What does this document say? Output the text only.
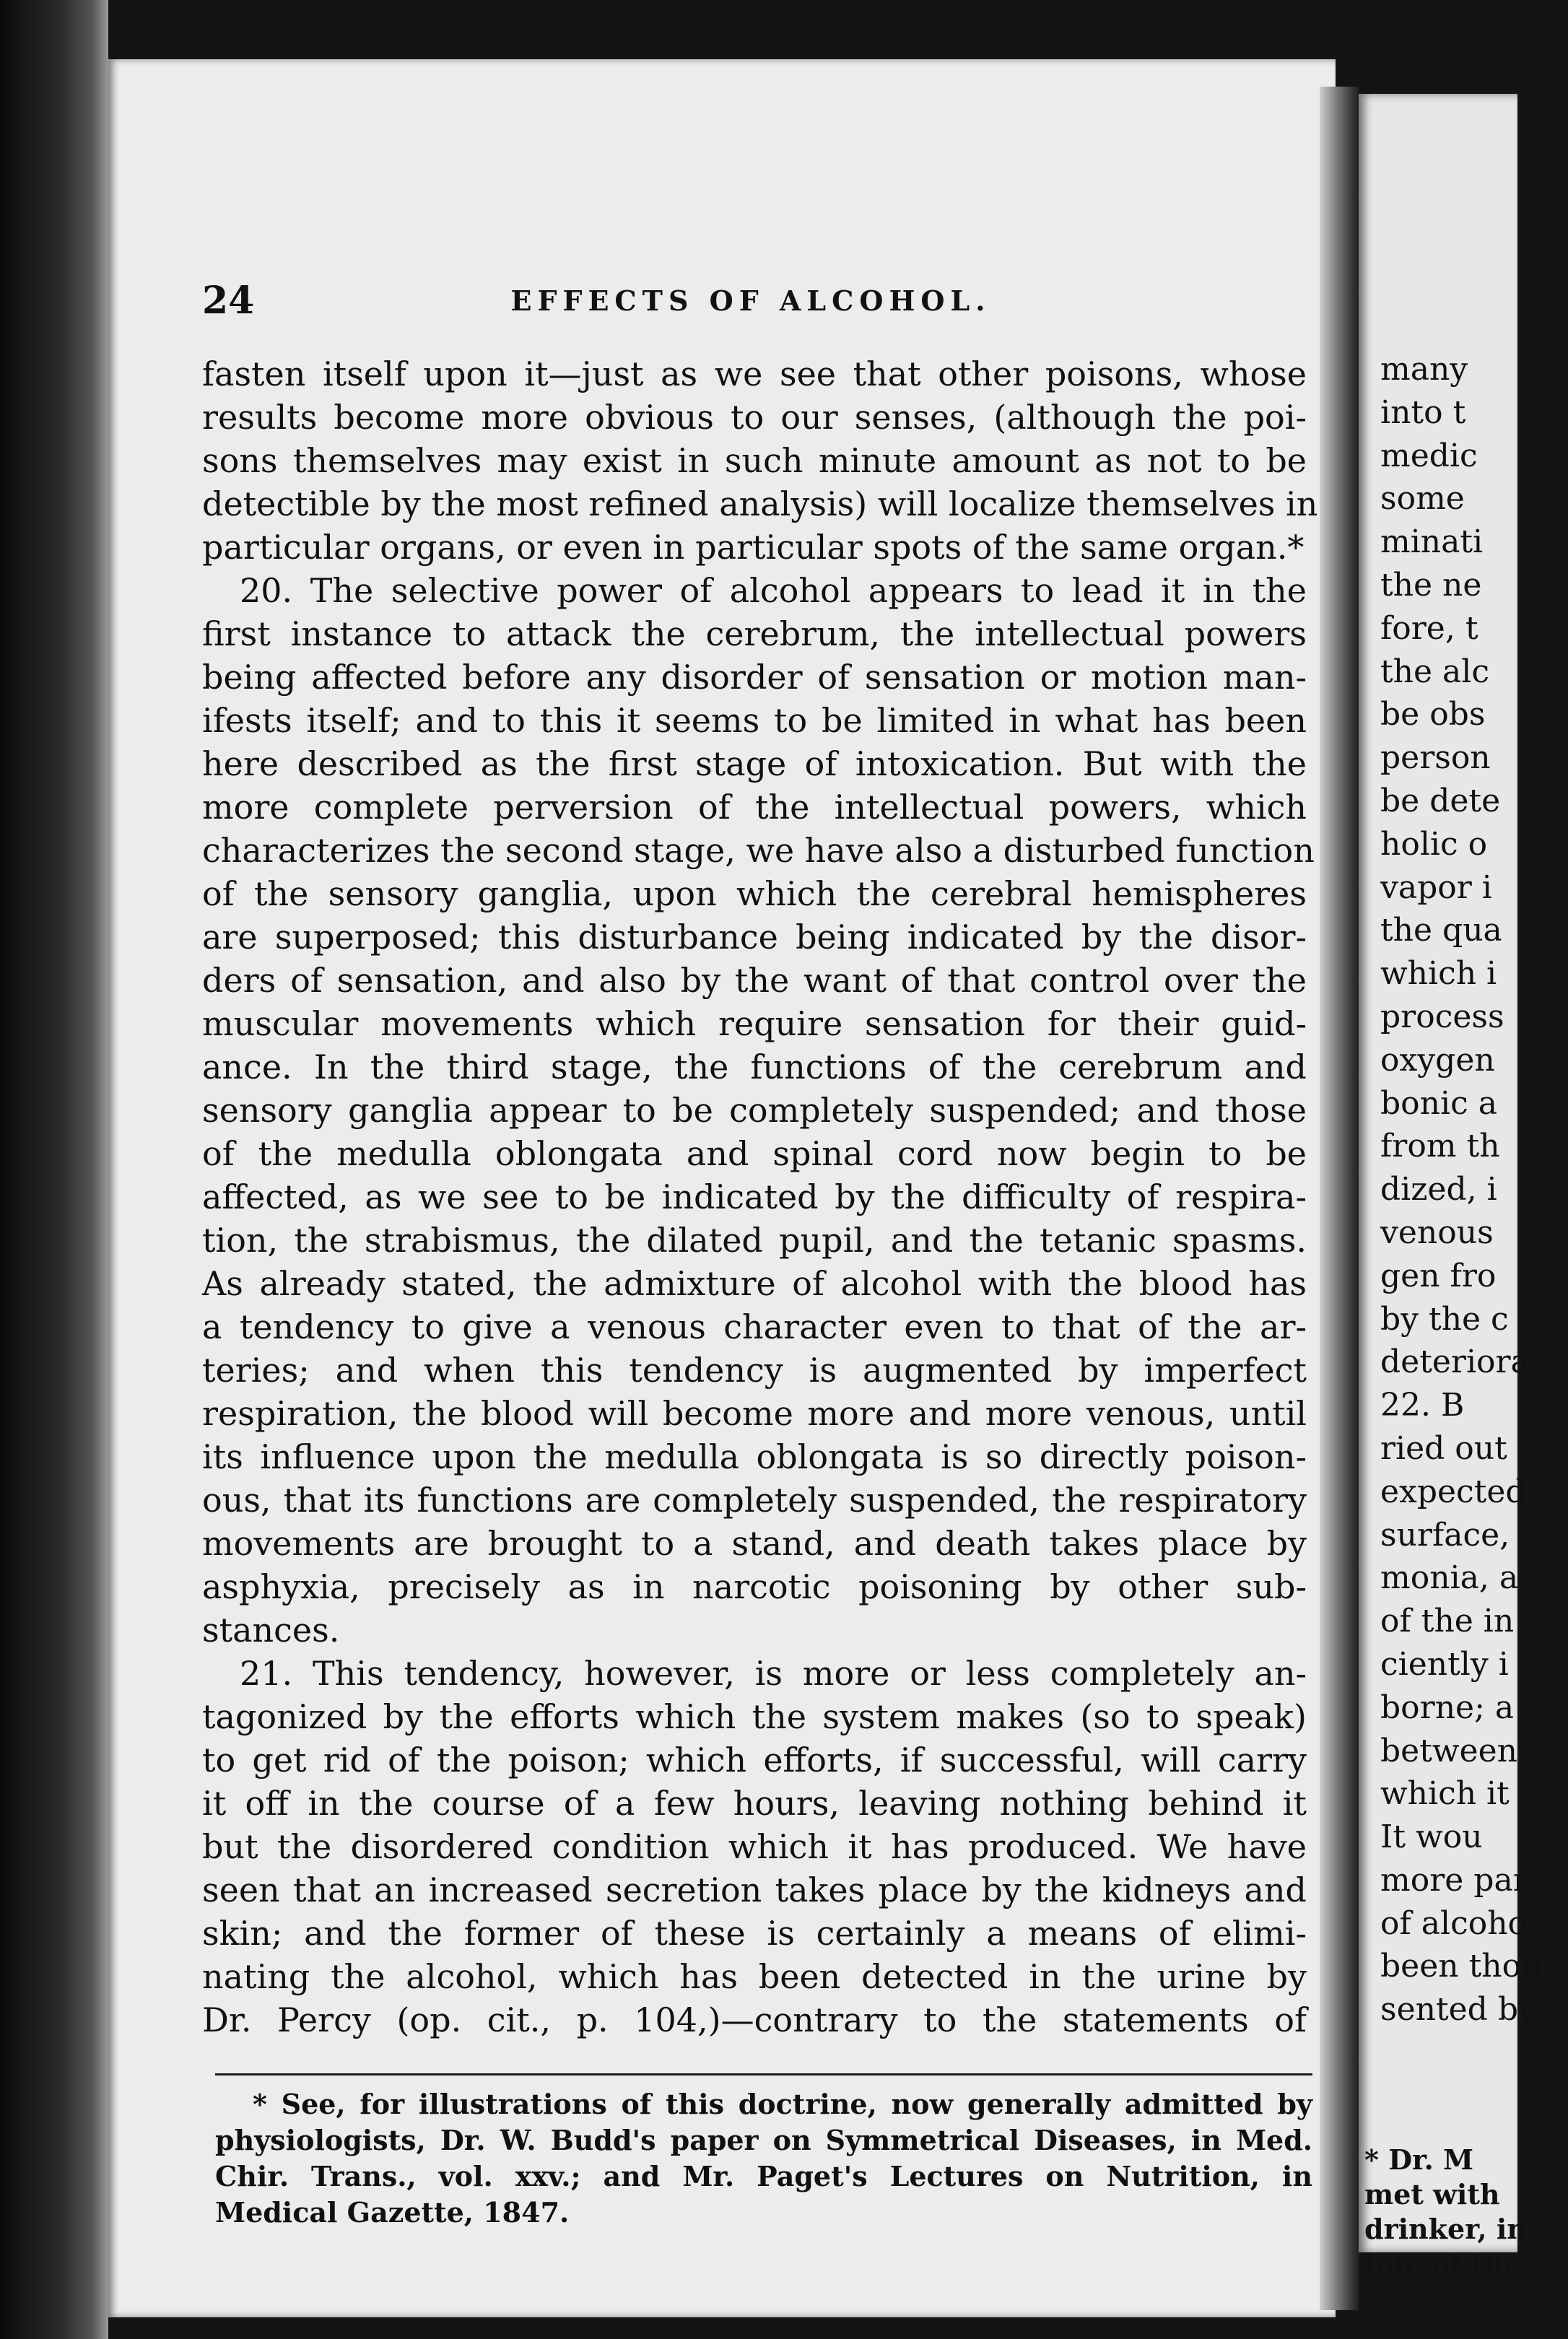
24	EFFECTS OF ALCOHOL.
fasten itself upon it—just as we see that other poisons, whose
results become more obvious to our senses, (although the poi-
sons themselves may exist in such minute amount as not to be
detectible by the most refined analysis) will localize themselves in
particular organs, or even in particular spots of the same organ.*
20. The selective power of alcohol appears to lead it in the
first instance to attack the cerebrum, the intellectual powers
being affected before any disorder of sensation or motion man-
ifests itself; and to this it seems to be limited in what has been
here described as the first stage of intoxication. But with the
more complete perversion of the intellectual powers, which
characterizes the second stage, we have also a disturbed function
of the sensory ganglia, upon which the cerebral hemispheres
are superposed; this disturbance being indicated by the disor-
ders of sensation, and also by the want of that control over the
muscular movements which require sensation for their guid-
ance. In the third stage, the functions of the cerebrum and
sensory ganglia appear to be completely suspended; and those
of the medulla oblongata and spinal cord now begin to be
affected, as we see to be indicated by the difficulty of respira-
tion, the strabismus, the dilated pupil, and the tetanic spasms.
As already stated, the admixture of alcohol with the blood has
a tendency to give a venous character even to that of the ar-
teries; and when this tendency is augmented by imperfect
respiration, the blood will become more and more venous, until
its influence upon the medulla oblongata is so directly poison-
ous, that its functions are completely suspended, the respiratory
movements are brought to a stand, and death takes place by
asphyxia, precisely as in narcotic poisoning by other sub-
stances.
21. This tendency, however, is more or less completely an-
tagonized by the efforts which the system makes (so to speak)
to get rid of the poison; which efforts, if successful, will carry
it off in the course of a few hours, leaving nothing behind it
but the disordered condition which it has produced. We have
seen that an increased secretion takes place by the kidneys and
skin; and the former of these is certainly a means of elimi-
nating the alcohol, which has been detected in the urine by
Dr. Percy (op. cit., p. 104,)—contrary to the statements of
* See, for illustrations of this doctrine, now generally admitted by
physiologists, Dr. W. Budd's paper on Symmetrical Diseases, in Med.
Chir. Trans., vol. xxv.; and Mr. Paget's Lectures on Nutrition, in
Medical Gazette, 1847.
many
into t
medic
some
minati
the ne
fore, t
the alc
be obs
person
be dete
holic o
vapor i
the qua
which i
process
oxygen
bonic a
from th
dized, i
venous
gen fro
by the c
deteriora
22. B
ried out
expected
surface,
monia, a
of the in
ciently i
borne; a
between
which it
It wou
more par
of alcoho
been thou
sented by
* Dr. M
met with
drinker, in
hue of the
